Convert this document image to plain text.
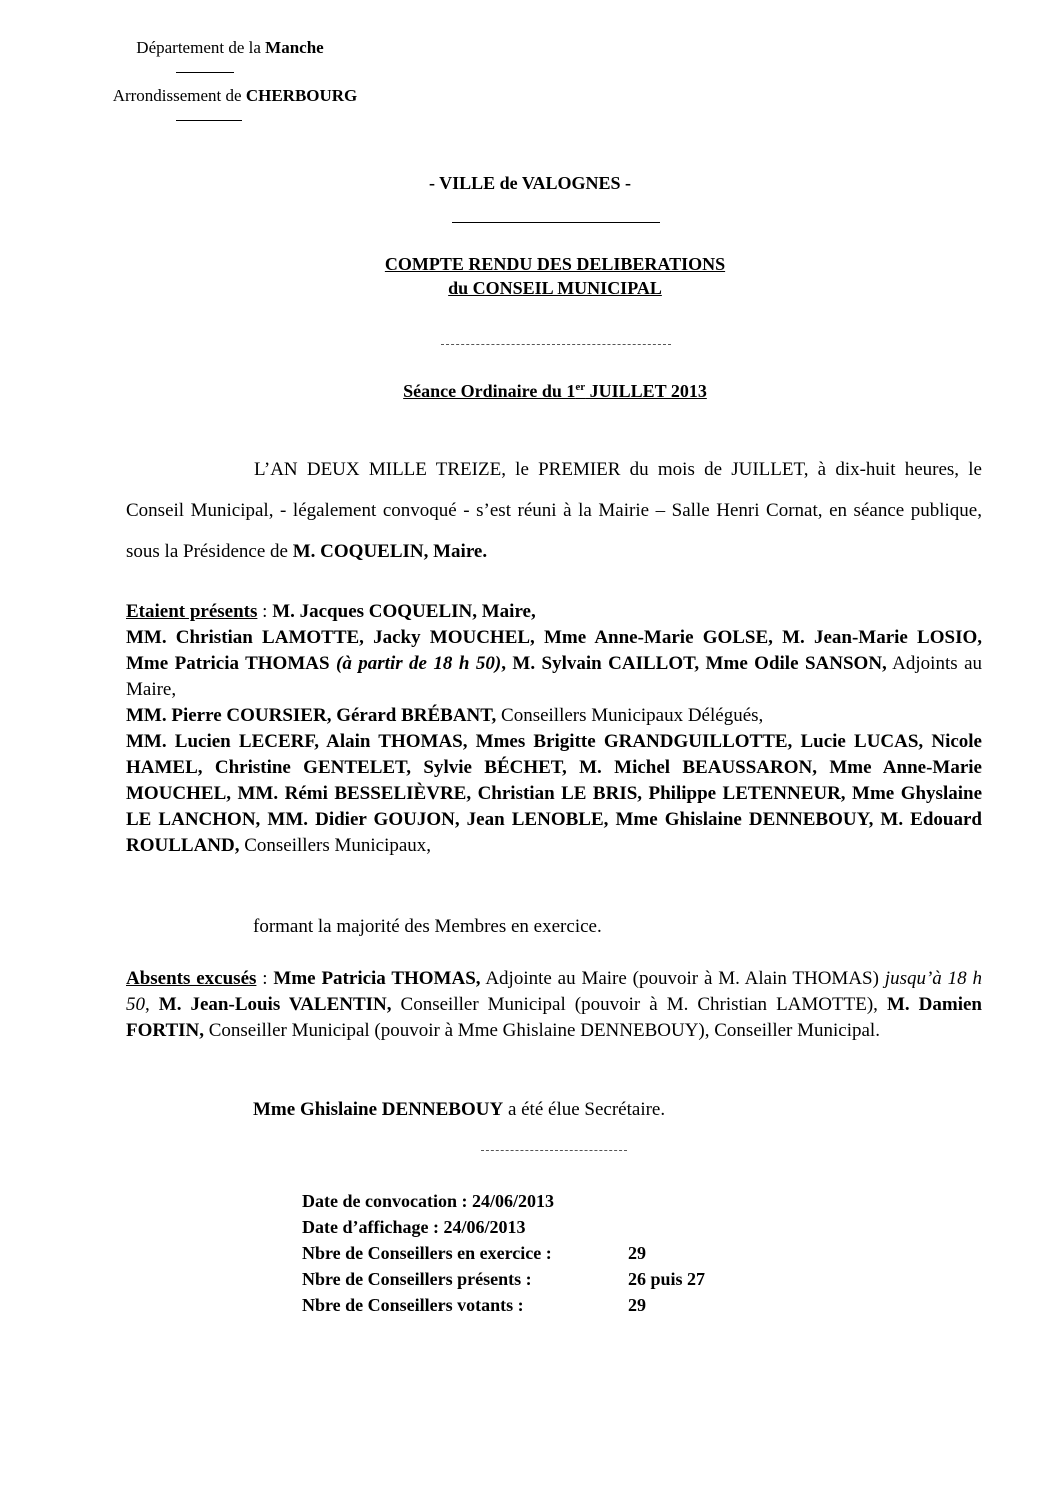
Département de la Manche
Arrondissement de CHERBOURG
- VILLE de VALOGNES -
COMPTE RENDU DES DELIBERATIONS
du CONSEIL MUNICIPAL
Séance Ordinaire du 1er JUILLET 2013
L’AN DEUX MILLE TREIZE, le PREMIER du mois de JUILLET, à dix-huit heures, le Conseil Municipal, - légalement convoqué - s’est réuni à la Mairie – Salle Henri Cornat, en séance publique, sous la Présidence de M. COQUELIN, Maire.
Etaient présents : M. Jacques COQUELIN, Maire,
MM. Christian LAMOTTE, Jacky MOUCHEL, Mme Anne-Marie GOLSE, M. Jean-Marie LOSIO, Mme Patricia THOMAS (à partir de 18 h 50), M. Sylvain CAILLOT, Mme Odile SANSON, Adjoints au Maire,
MM. Pierre COURSIER, Gérard BRÉBANT, Conseillers Municipaux Délégués,
MM. Lucien LECERF, Alain THOMAS, Mmes Brigitte GRANDGUILLOTTE, Lucie LUCAS, Nicole HAMEL, Christine GENTELET, Sylvie BÉCHET, M. Michel BEAUSSARON, Mme Anne-Marie MOUCHEL, MM. Rémi BESSELIÈVRE, Christian LE BRIS, Philippe LETENNEUR, Mme Ghyslaine LE LANCHON, MM. Didier GOUJON, Jean LENOBLE, Mme Ghislaine DENNEBOUY, M. Edouard ROULLAND, Conseillers Municipaux,
formant la majorité des Membres en exercice.
Absents excusés : Mme Patricia THOMAS, Adjointe au Maire (pouvoir à M. Alain THOMAS) jusqu’à 18 h 50, M. Jean-Louis VALENTIN, Conseiller Municipal (pouvoir à M. Christian LAMOTTE), M. Damien FORTIN, Conseiller Municipal (pouvoir à Mme Ghislaine DENNEBOUY), Conseiller Municipal.
Mme Ghislaine DENNEBOUY a été élue Secrétaire.
Date de convocation : 24/06/2013
Date d’affichage : 24/06/2013
Nbre de Conseillers en exercice :	29
Nbre de Conseillers présents :	26 puis 27
Nbre de Conseillers votants :	29
